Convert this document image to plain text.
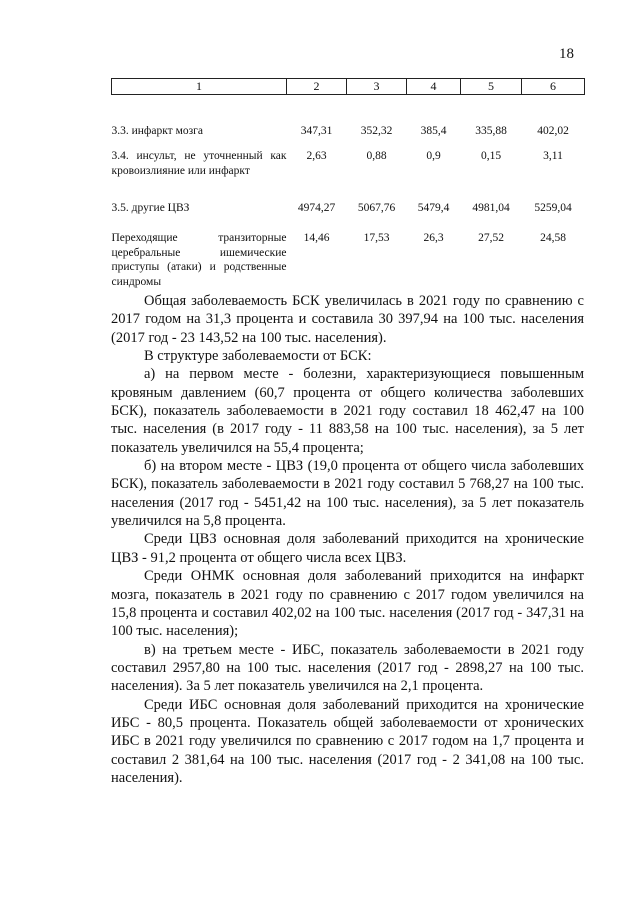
18
1	2	3	4	5	6
3.3. инфаркт мозга	347,31	352,32	385,4	335,88	402,02
3.4. инсульт, не уточненный как кровоизлияние или инфаркт	2,63	0,88	0,9	0,15	3,11
3.5. другие ЦВЗ	4974,27	5067,76	5479,4	4981,04	5259,04
Переходящие транзиторные церебральные ишемические приступы (атаки) и родственные синдромы	14,46	17,53	26,3	27,52	24,58

Общая заболеваемость БСК увеличилась в 2021 году по сравнению с 2017 годом на 31,3 процента и составила 30 397,94 на 100 тыс. населения (2017 год - 23 143,52 на 100 тыс. населения).

В структуре заболеваемости от БСК:

а) на первом месте - болезни, характеризующиеся повышенным кровяным давлением (60,7 процента от общего количества заболевших БСК), показатель заболеваемости в 2021 году составил 18 462,47 на 100 тыс. населения (в 2017 году - 11 883,58 на 100 тыс. населения), за 5 лет показатель увеличился на 55,4 процента;

б) на втором месте - ЦВЗ (19,0 процента от общего числа заболевших БСК), показатель заболеваемости в 2021 году составил 5 768,27 на 100 тыс. населения (2017 год - 5451,42 на 100 тыс. населения), за 5 лет показатель увеличился на 5,8 процента.

Среди ЦВЗ основная доля заболеваний приходится на хронические ЦВЗ - 91,2 процента от общего числа всех ЦВЗ.

Среди ОНМК основная доля заболеваний приходится на инфаркт мозга, показатель в 2021 году по сравнению с 2017 годом увеличился на 15,8 процента и составил 402,02 на 100 тыс. населения (2017 год - 347,31 на 100 тыс. населения);

в) на третьем месте - ИБС, показатель заболеваемости в 2021 году составил 2957,80 на 100 тыс. населения (2017 год - 2898,27 на 100 тыс. населения). За 5 лет показатель увеличился на 2,1 процента.

Среди ИБС основная доля заболеваний приходится на хронические ИБС - 80,5 процента. Показатель общей заболеваемости от хронических ИБС в 2021 году увеличился по сравнению с 2017 годом на 1,7 процента и составил 2 381,64 на 100 тыс. населения (2017 год - 2 341,08 на 100 тыс. населения).
